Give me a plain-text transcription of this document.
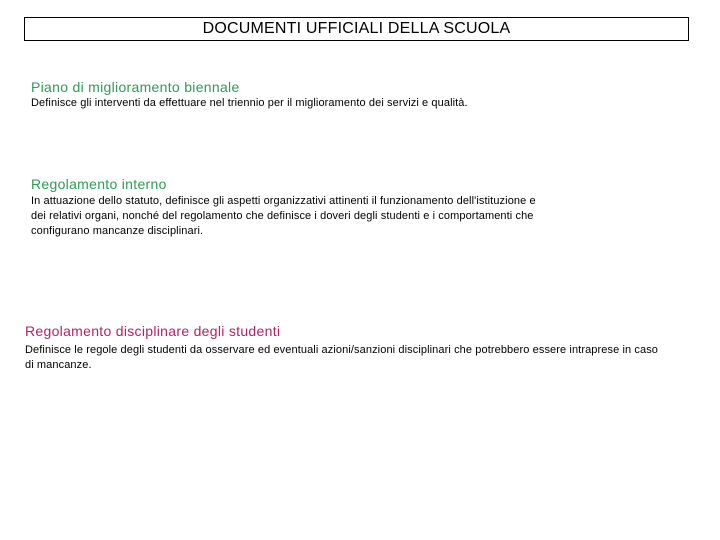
DOCUMENTI UFFICIALI DELLA SCUOLA
Piano di miglioramento biennale

Definisce gli interventi da effettuare nel triennio per il miglioramento dei servizi e qualità.

Regolamento interno

In attuazione dello statuto, definisce gli aspetti organizzativi attinenti il funzionamento dell'istituzione e dei relativi organi, nonché del regolamento che definisce i doveri degli studenti e i comportamenti che configurano mancanze disciplinari.

Regolamento disciplinare degli studenti

Definisce le regole degli studenti da osservare ed eventuali azioni/sanzioni disciplinari che potrebbero essere intraprese in caso di mancanze.
